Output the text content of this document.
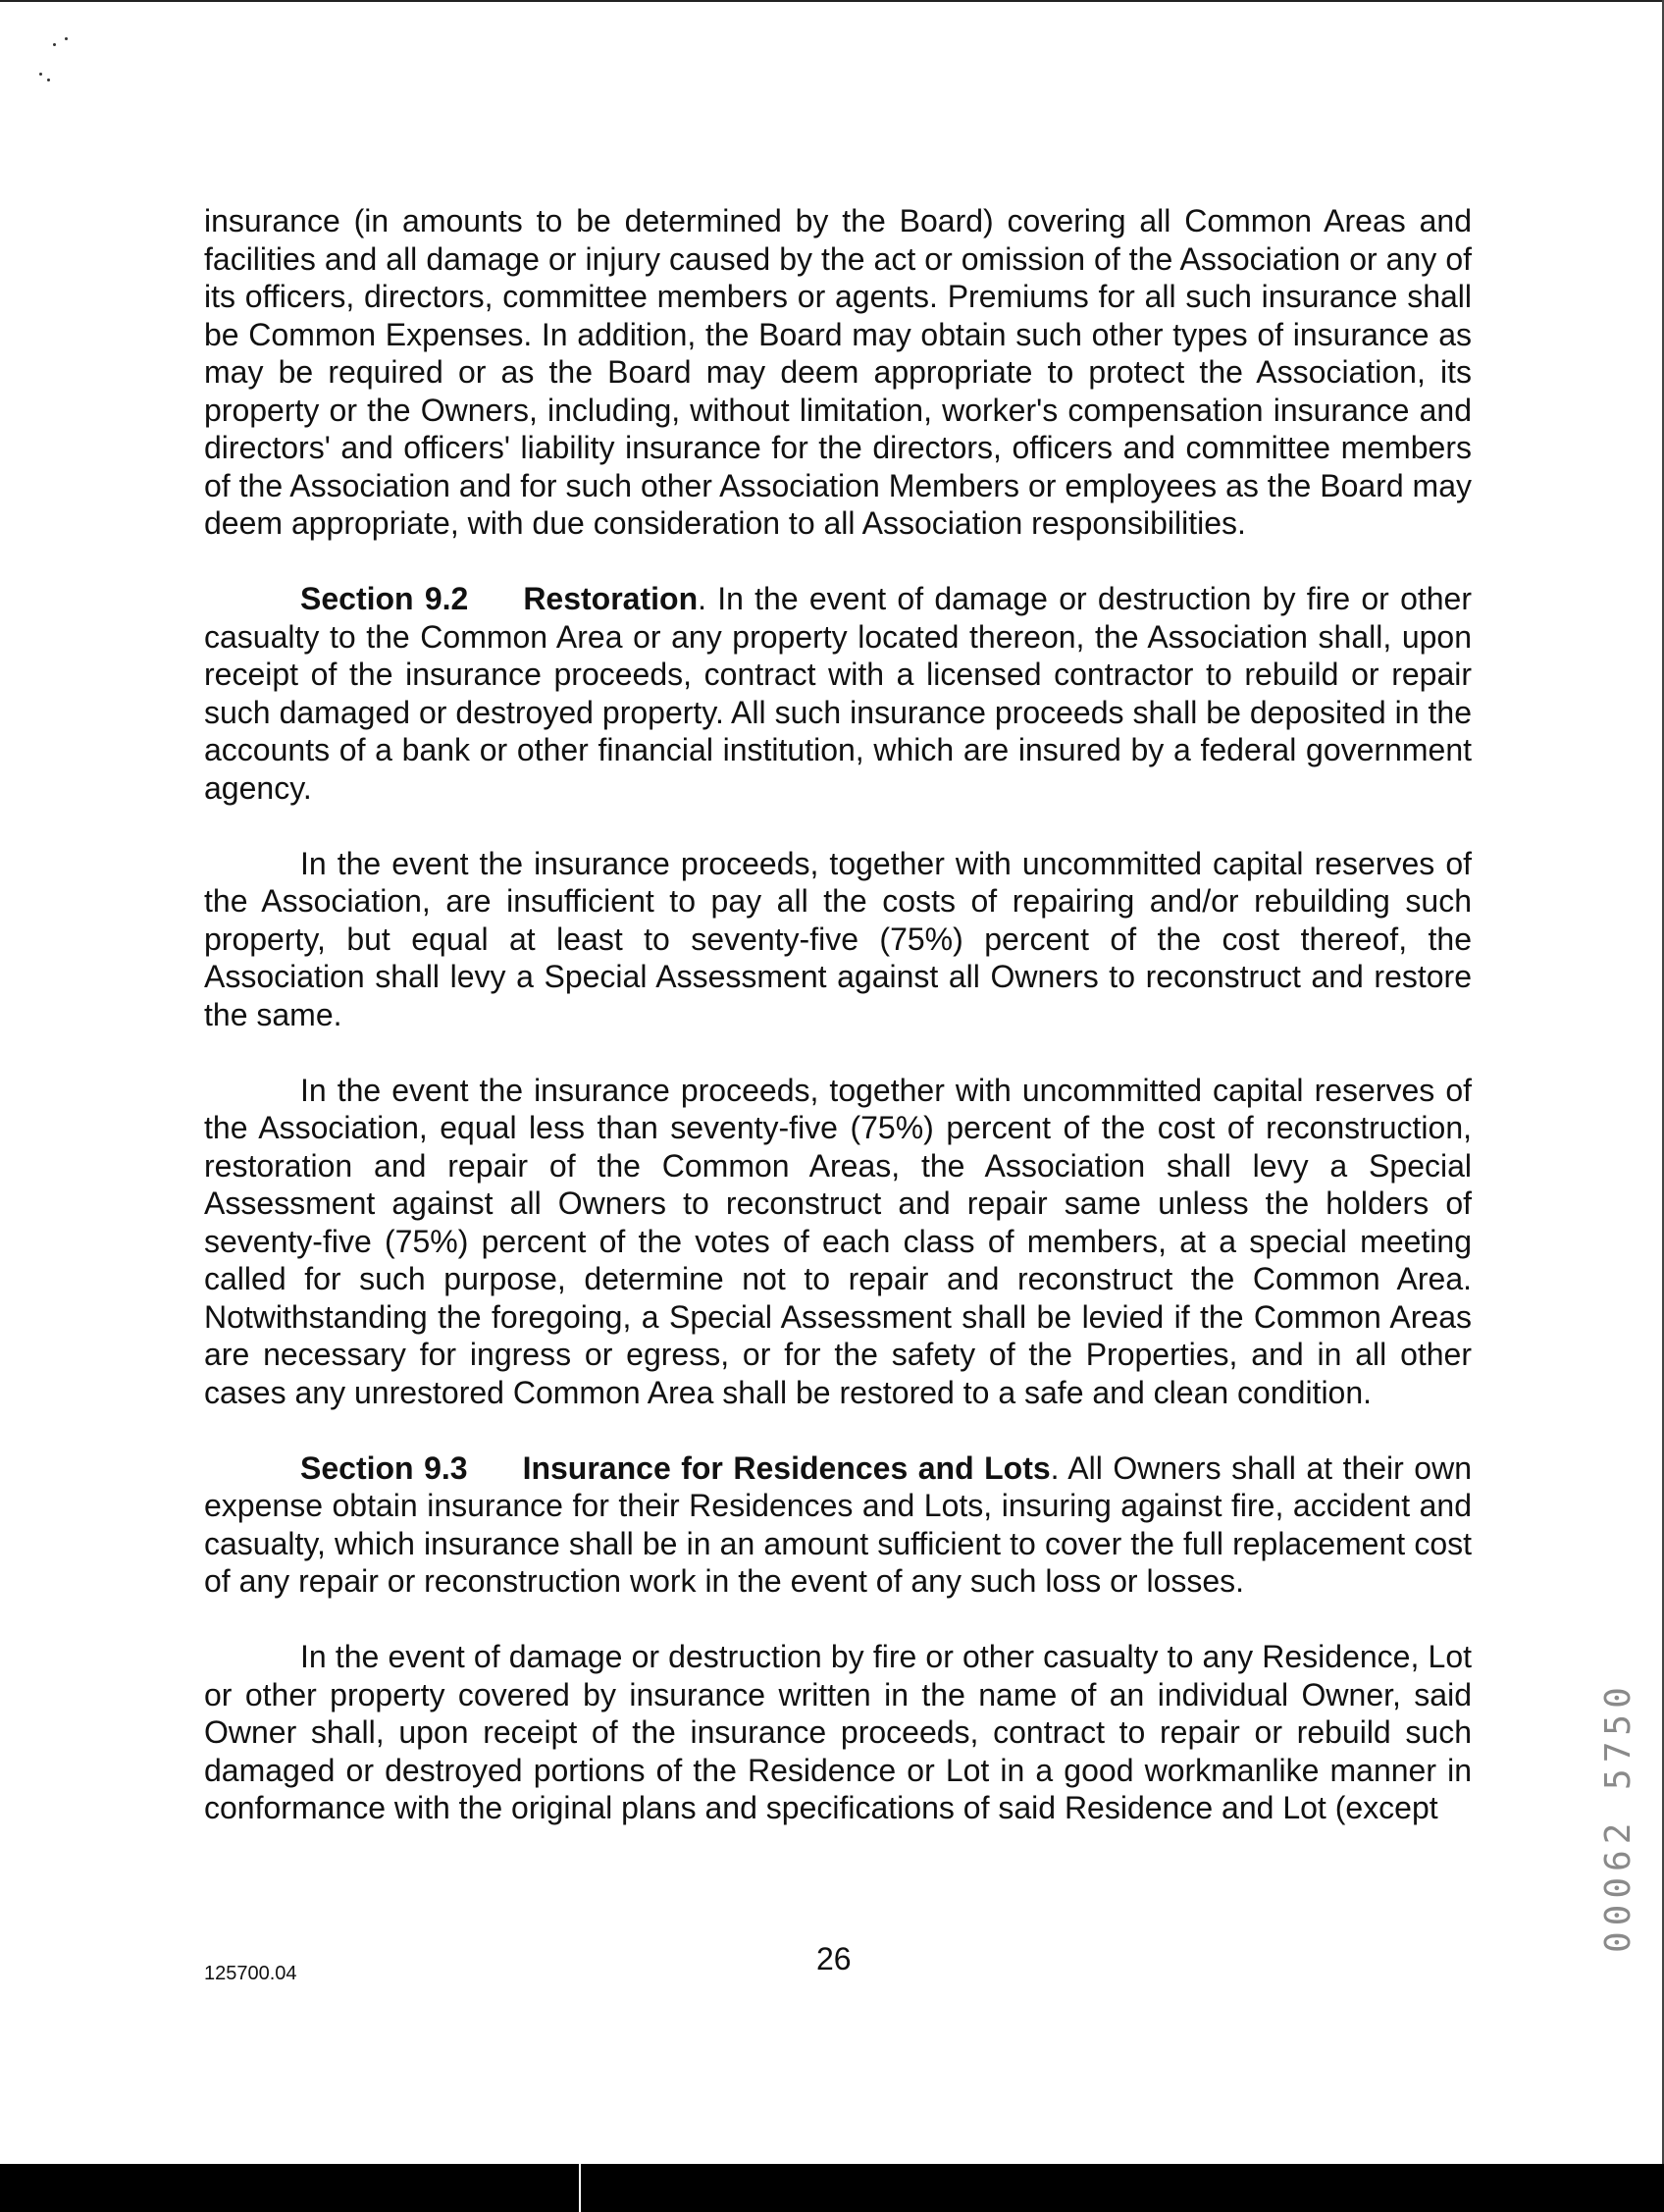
insurance (in amounts to be determined by the Board) covering all Common Areas and facilities and all damage or injury caused by the act or omission of the Association or any of its officers, directors, committee members or agents. Premiums for all such insurance shall be Common Expenses. In addition, the Board may obtain such other types of insurance as may be required or as the Board may deem appropriate to protect the Association, its property or the Owners, including, without limitation, worker's compensation insurance and directors' and officers' liability insurance for the directors, officers and committee members of the Association and for such other Association Members or employees as the Board may deem appropriate, with due consideration to all Association responsibilities.

Section 9.2 Restoration. In the event of damage or destruction by fire or other casualty to the Common Area or any property located thereon, the Association shall, upon receipt of the insurance proceeds, contract with a licensed contractor to rebuild or repair such damaged or destroyed property. All such insurance proceeds shall be deposited in the accounts of a bank or other financial institution, which are insured by a federal government agency.

In the event the insurance proceeds, together with uncommitted capital reserves of the Association, are insufficient to pay all the costs of repairing and/or rebuilding such property, but equal at least to seventy-five (75%) percent of the cost thereof, the Association shall levy a Special Assessment against all Owners to reconstruct and restore the same.

In the event the insurance proceeds, together with uncommitted capital reserves of the Association, equal less than seventy-five (75%) percent of the cost of reconstruction, restoration and repair of the Common Areas, the Association shall levy a Special Assessment against all Owners to reconstruct and repair same unless the holders of seventy-five (75%) percent of the votes of each class of members, at a special meeting called for such purpose, determine not to repair and reconstruct the Common Area. Notwithstanding the foregoing, a Special Assessment shall be levied if the Common Areas are necessary for ingress or egress, or for the safety of the Properties, and in all other cases any unrestored Common Area shall be restored to a safe and clean condition.

Section 9.3 Insurance for Residences and Lots. All Owners shall at their own expense obtain insurance for their Residences and Lots, insuring against fire, accident and casualty, which insurance shall be in an amount sufficient to cover the full replacement cost of any repair or reconstruction work in the event of any such loss or losses.

In the event of damage or destruction by fire or other casualty to any Residence, Lot or other property covered by insurance written in the name of an individual Owner, said Owner shall, upon receipt of the insurance proceeds, contract to repair or rebuild such damaged or destroyed portions of the Residence or Lot in a good workmanlike manner in conformance with the original plans and specifications of said Residence and Lot (except

125700.04	26
00062 5750
